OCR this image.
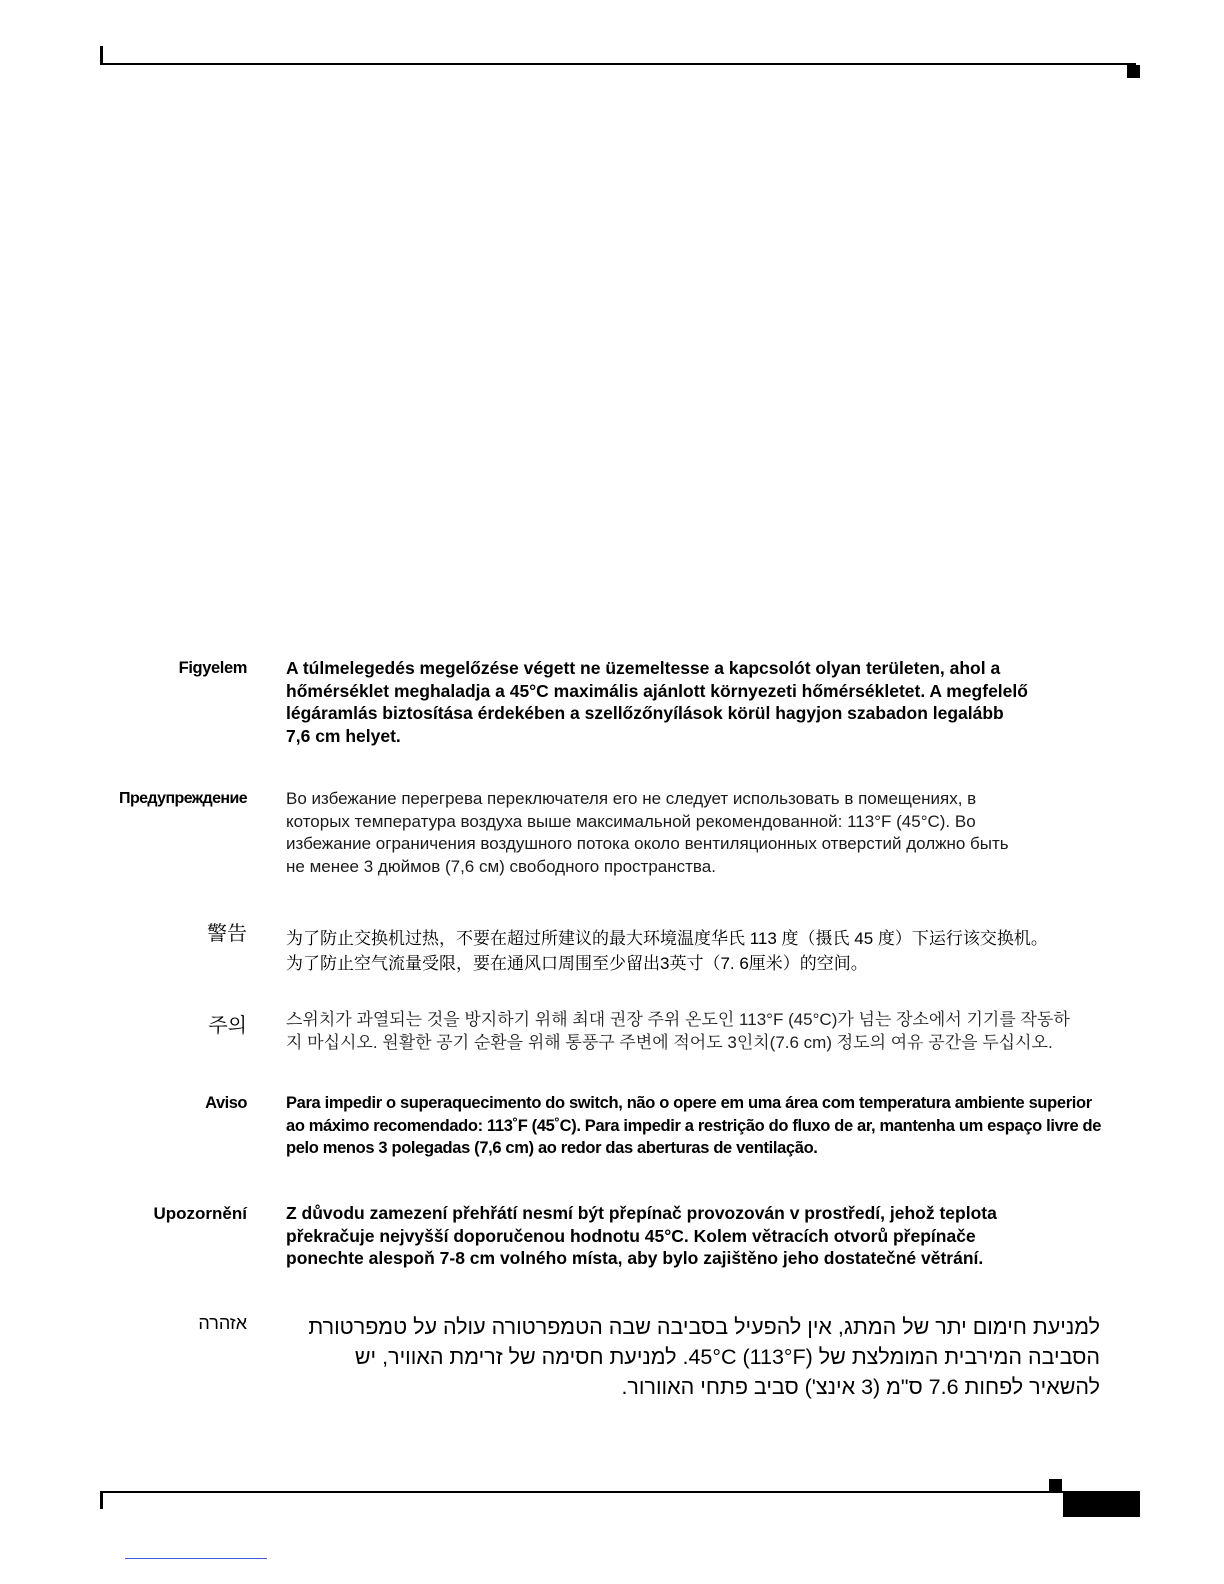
Figyelem A túlmelegedés megelőzése végett ne üzemeltesse a kapcsolót olyan területen, ahol a
hőmérséklet meghaladja a 45°C maximális ajánlott környezeti hőmérsékletet. A megfelelő
légáramlás biztosítása érdekében a szellőzőnyílások körül hagyjon szabadon legalább
7,6 cm helyet.
Предупреждение Во избежание перегрева переключателя его не следует использовать в помещениях, в
которых температура воздуха выше максимальной рекомендованной: 113°F (45°C). Во
избежание ограничения воздушного потока около вентиляционных отверстий должно быть
не менее 3 дюймов (7,6 см) свободного пространства.
警告 为了防止交换机过热，不要在超过所建议的最大环境温度华氏 113 度（摄氏 45 度）下运行该交换机。
为了防止空气流量受限，要在通风口周围至少留出3英寸（7. 6厘米）的空间。
주의 스위치가 과열되는 것을 방지하기 위해 최대 권장 주위 온도인 113°F (45°C)가 넘는 장소에서 기기를 작동하
지 마십시오. 원활한 공기 순환을 위해 통풍구 주변에 적어도 3인치(7.6 cm) 정도의 여유 공간을 두십시오.
Aviso Para impedir o superaquecimento do switch, não o opere em uma área com temperatura ambiente superior
ao máximo recomendado: 113˚F (45˚C). Para impedir a restrição do fluxo de ar, mantenha um espaço livre de
pelo menos 3 polegadas (7,6 cm) ao redor das aberturas de ventilação.
Upozornění Z důvodu zamezení přehřátí nesmí být přepínač provozován v prostředí, jehož teplota
překračuje nejvyšší doporučenou hodnotu 45°C. Kolem větracích otvorů přepínače
ponechte alespoň 7-8 cm volného místa, aby bylo zajištěno jeho dostatečné větrání.
אזהרה	למניעת חימום יתר של המתג, אין להפעיל בסביבה שבה הטמפרטורה עולה על טמפרטורת
הסביבה המירבית המומלצת של 45°C (113°F). למניעת חסימה של זרימת האוויר, יש
להשאיר לפחות 7.6 ס"מ (3 אינצ') סביב פתחי האוורור.
